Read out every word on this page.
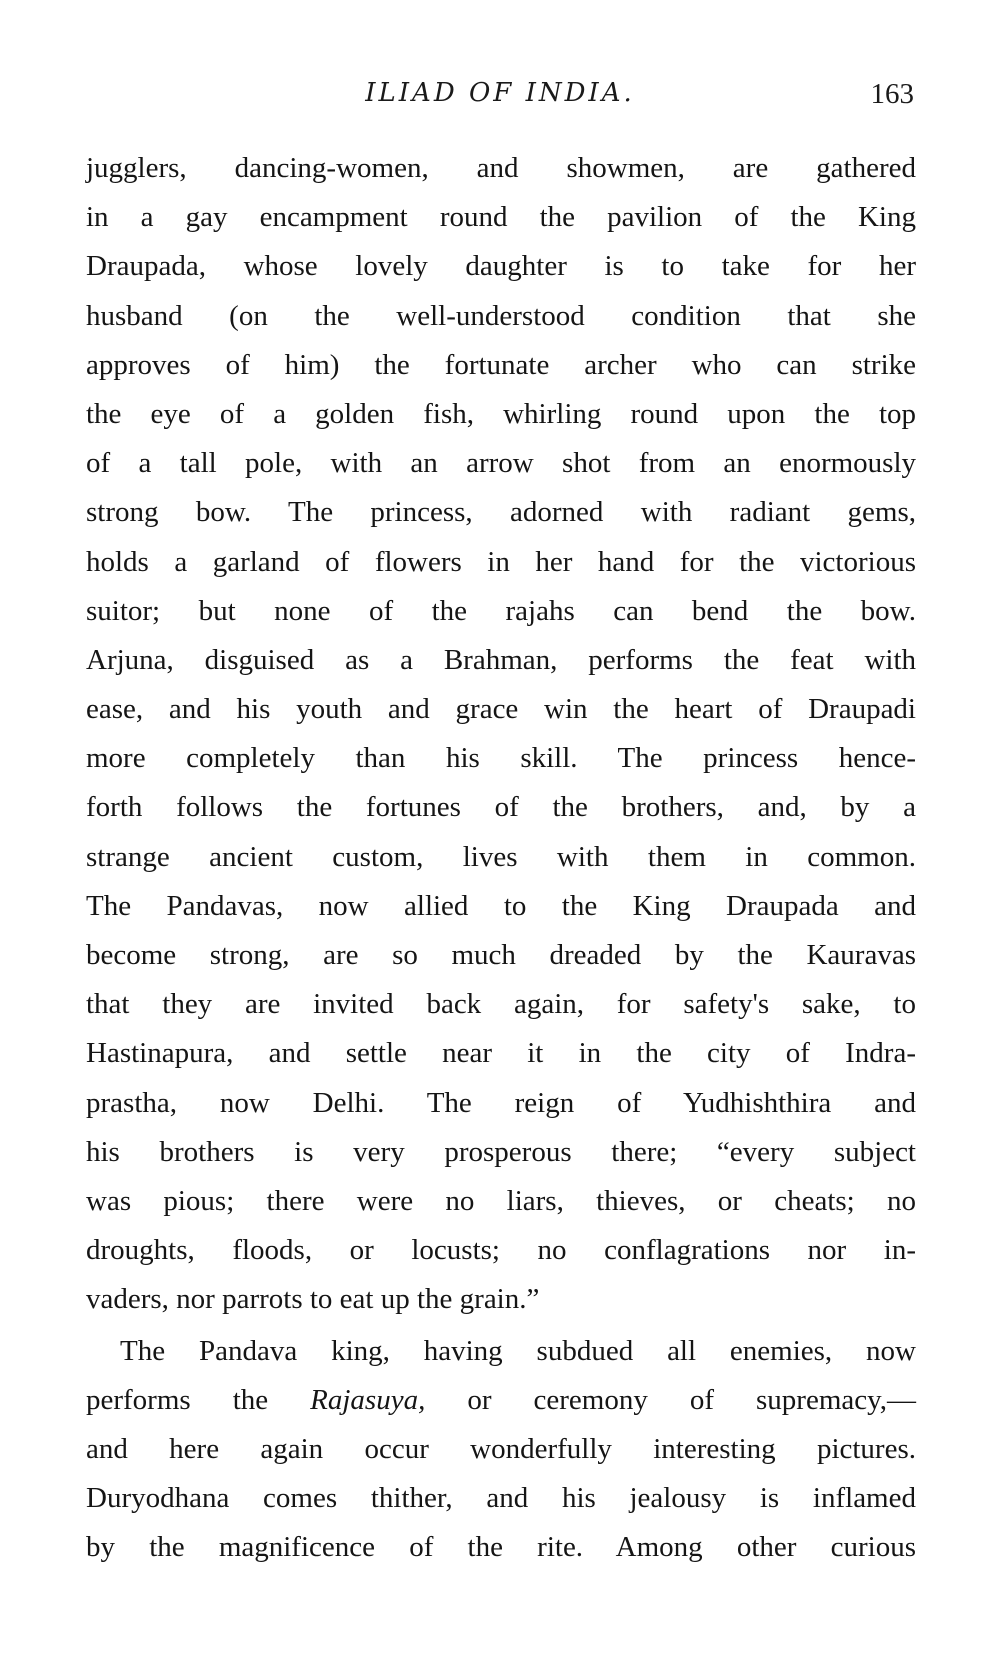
ILIAD OF INDIA.	163
jugglers, dancing-women, and showmen, are gathered
in a gay encampment round the pavilion of the King
Draupada, whose lovely daughter is to take for her
husband (on the well-understood condition that she
approves of him) the fortunate archer who can strike
the eye of a golden fish, whirling round upon the top
of a tall pole, with an arrow shot from an enormously
strong bow. The princess, adorned with radiant gems,
holds a garland of flowers in her hand for the victorious
suitor; but none of the rajahs can bend the bow.
Arjuna, disguised as a Brahman, performs the feat with
ease, and his youth and grace win the heart of Draupadi
more completely than his skill. The princess hence-
forth follows the fortunes of the brothers, and, by a
strange ancient custom, lives with them in common.
The Pandavas, now allied to the King Draupada and
become strong, are so much dreaded by the Kauravas
that they are invited back again, for safety's sake, to
Hastinapura, and settle near it in the city of Indra-
prastha, now Delhi. The reign of Yudhishthira and
his brothers is very prosperous there; “every subject
was pious; there were no liars, thieves, or cheats; no
droughts, floods, or locusts; no conflagrations nor in-
vaders, nor parrots to eat up the grain.”
The Pandava king, having subdued all enemies, now
performs the Rajasuya, or ceremony of supremacy,—
and here again occur wonderfully interesting pictures.
Duryodhana comes thither, and his jealousy is inflamed
by the magnificence of the rite. Among other curious
